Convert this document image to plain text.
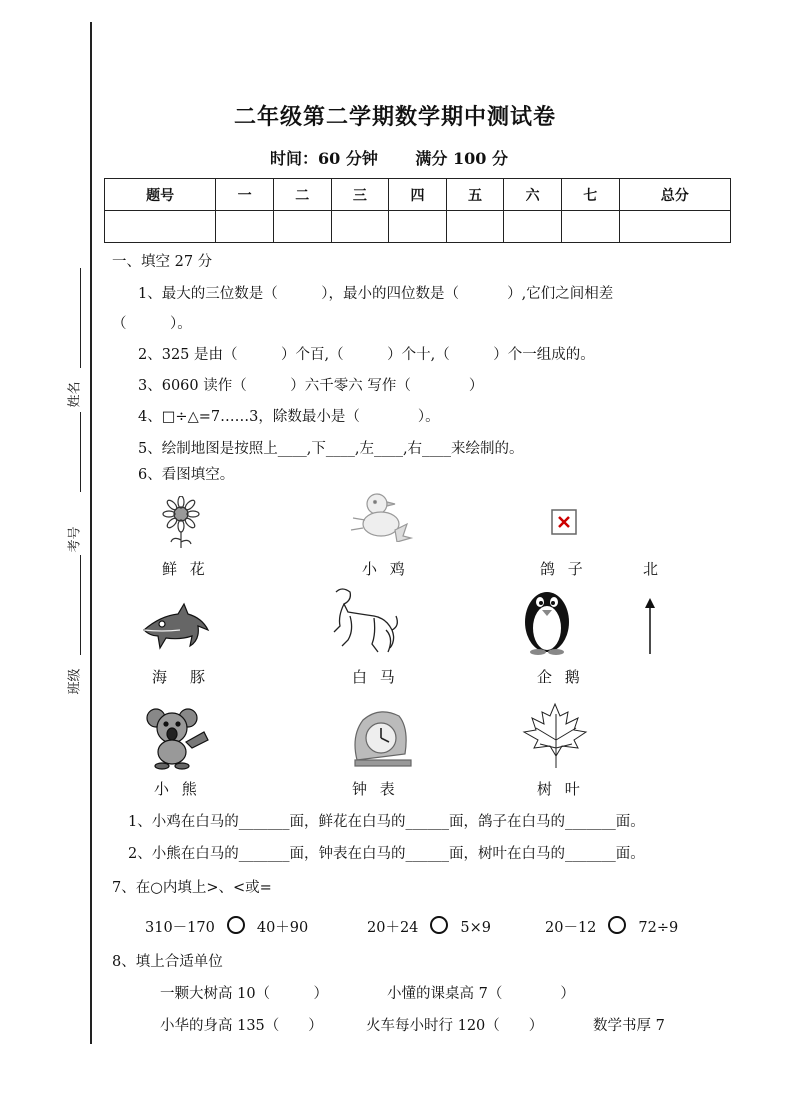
姓名
考号
班级
二年级第二学期数学期中测试卷
时间：60 分钟　　 满分 100 分
题号	一	二	三	四	五	六	七	总分

一、填空 27 分
1、最大的三位数是（　　　），最小的四位数是（　　　 ）,它们之间相差
（　　　）。
2、325 是由（　　　）个百,（　　　）个十,（　　　）个一组成的。
3、6060 读作（　　　）六千零六 写作（　　　　）
4、□÷△=7……3，除数最小是（　　　　）。
5、绘制地图是按照上____,下____,左____,右____来绘制的。
6、看图填空。
鲜 花	小 鸡	鸽 子	北
海　豚	白 马	企 鹅
小 熊	钟 表	树 叶
1、小鸡在白马的_______面，鲜花在白马的______面，鸽子在白马的_______面。
2、小熊在白马的_______面，钟表在白马的______面，树叶在白马的_______面。
7、在○内填上>、<或=
310－170	40＋90	20＋24	5×9	20－12	72÷9
8、填上合适单位
一颗大树高 10（　　　）	小懂的课桌高 7（　　　　）
小华的身高 135（　　）	火车每小时行 120（　　）	数学书厚 7
